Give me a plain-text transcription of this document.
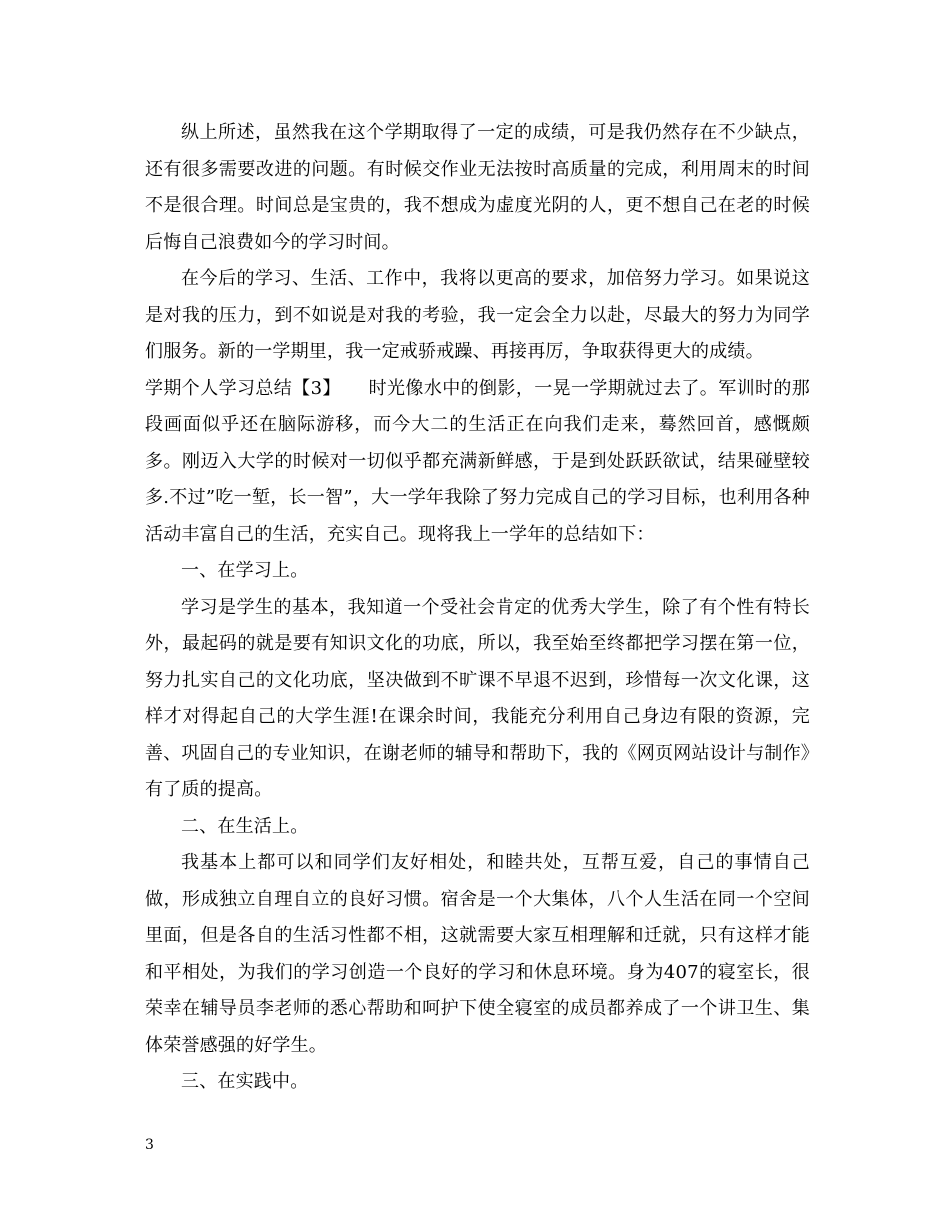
纵上所述，虽然我在这个学期取得了一定的成绩，可是我仍然存在不少缺点，还有很多需要改进的问题。有时候交作业无法按时高质量的完成，利用周末的时间不是很合理。时间总是宝贵的，我不想成为虚度光阴的人，更不想自己在老的时候后悔自己浪费如今的学习时间。

在今后的学习、生活、工作中，我将以更高的要求，加倍努力学习。如果说这是对我的压力，到不如说是对我的考验，我一定会全力以赴，尽最大的努力为同学们服务。新的一学期里，我一定戒骄戒躁、再接再厉，争取获得更大的成绩。

学期个人学习总结【3】　　时光像水中的倒影，一晃一学期就过去了。军训时的那段画面似乎还在脑际游移，而今大二的生活正在向我们走来，蓦然回首，感慨颇多。刚迈入大学的时候对一切似乎都充满新鲜感，于是到处跃跃欲试，结果碰壁较多.不过”吃一堑，长一智”，大一学年我除了努力完成自己的学习目标，也利用各种活动丰富自己的生活，充实自己。现将我上一学年的总结如下：

一、在学习上。

学习是学生的基本，我知道一个受社会肯定的优秀大学生，除了有个性有特长外，最起码的就是要有知识文化的功底，所以，我至始至终都把学习摆在第一位，努力扎实自己的文化功底，坚决做到不旷课不早退不迟到，珍惜每一次文化课，这样才对得起自己的大学生涯!在课余时间，我能充分利用自己身边有限的资源，完善、巩固自己的专业知识，在谢老师的辅导和帮助下，我的《网页网站设计与制作》有了质的提高。

二、在生活上。

我基本上都可以和同学们友好相处，和睦共处，互帮互爱，自己的事情自己做，形成独立自理自立的良好习惯。宿舍是一个大集体，八个人生活在同一个空间里面，但是各自的生活习性都不相，这就需要大家互相理解和迁就，只有这样才能和平相处，为我们的学习创造一个良好的学习和休息环境。身为407的寝室长，很荣幸在辅导员李老师的悉心帮助和呵护下使全寝室的成员都养成了一个讲卫生、集体荣誉感强的好学生。

三、在实践中。

3
